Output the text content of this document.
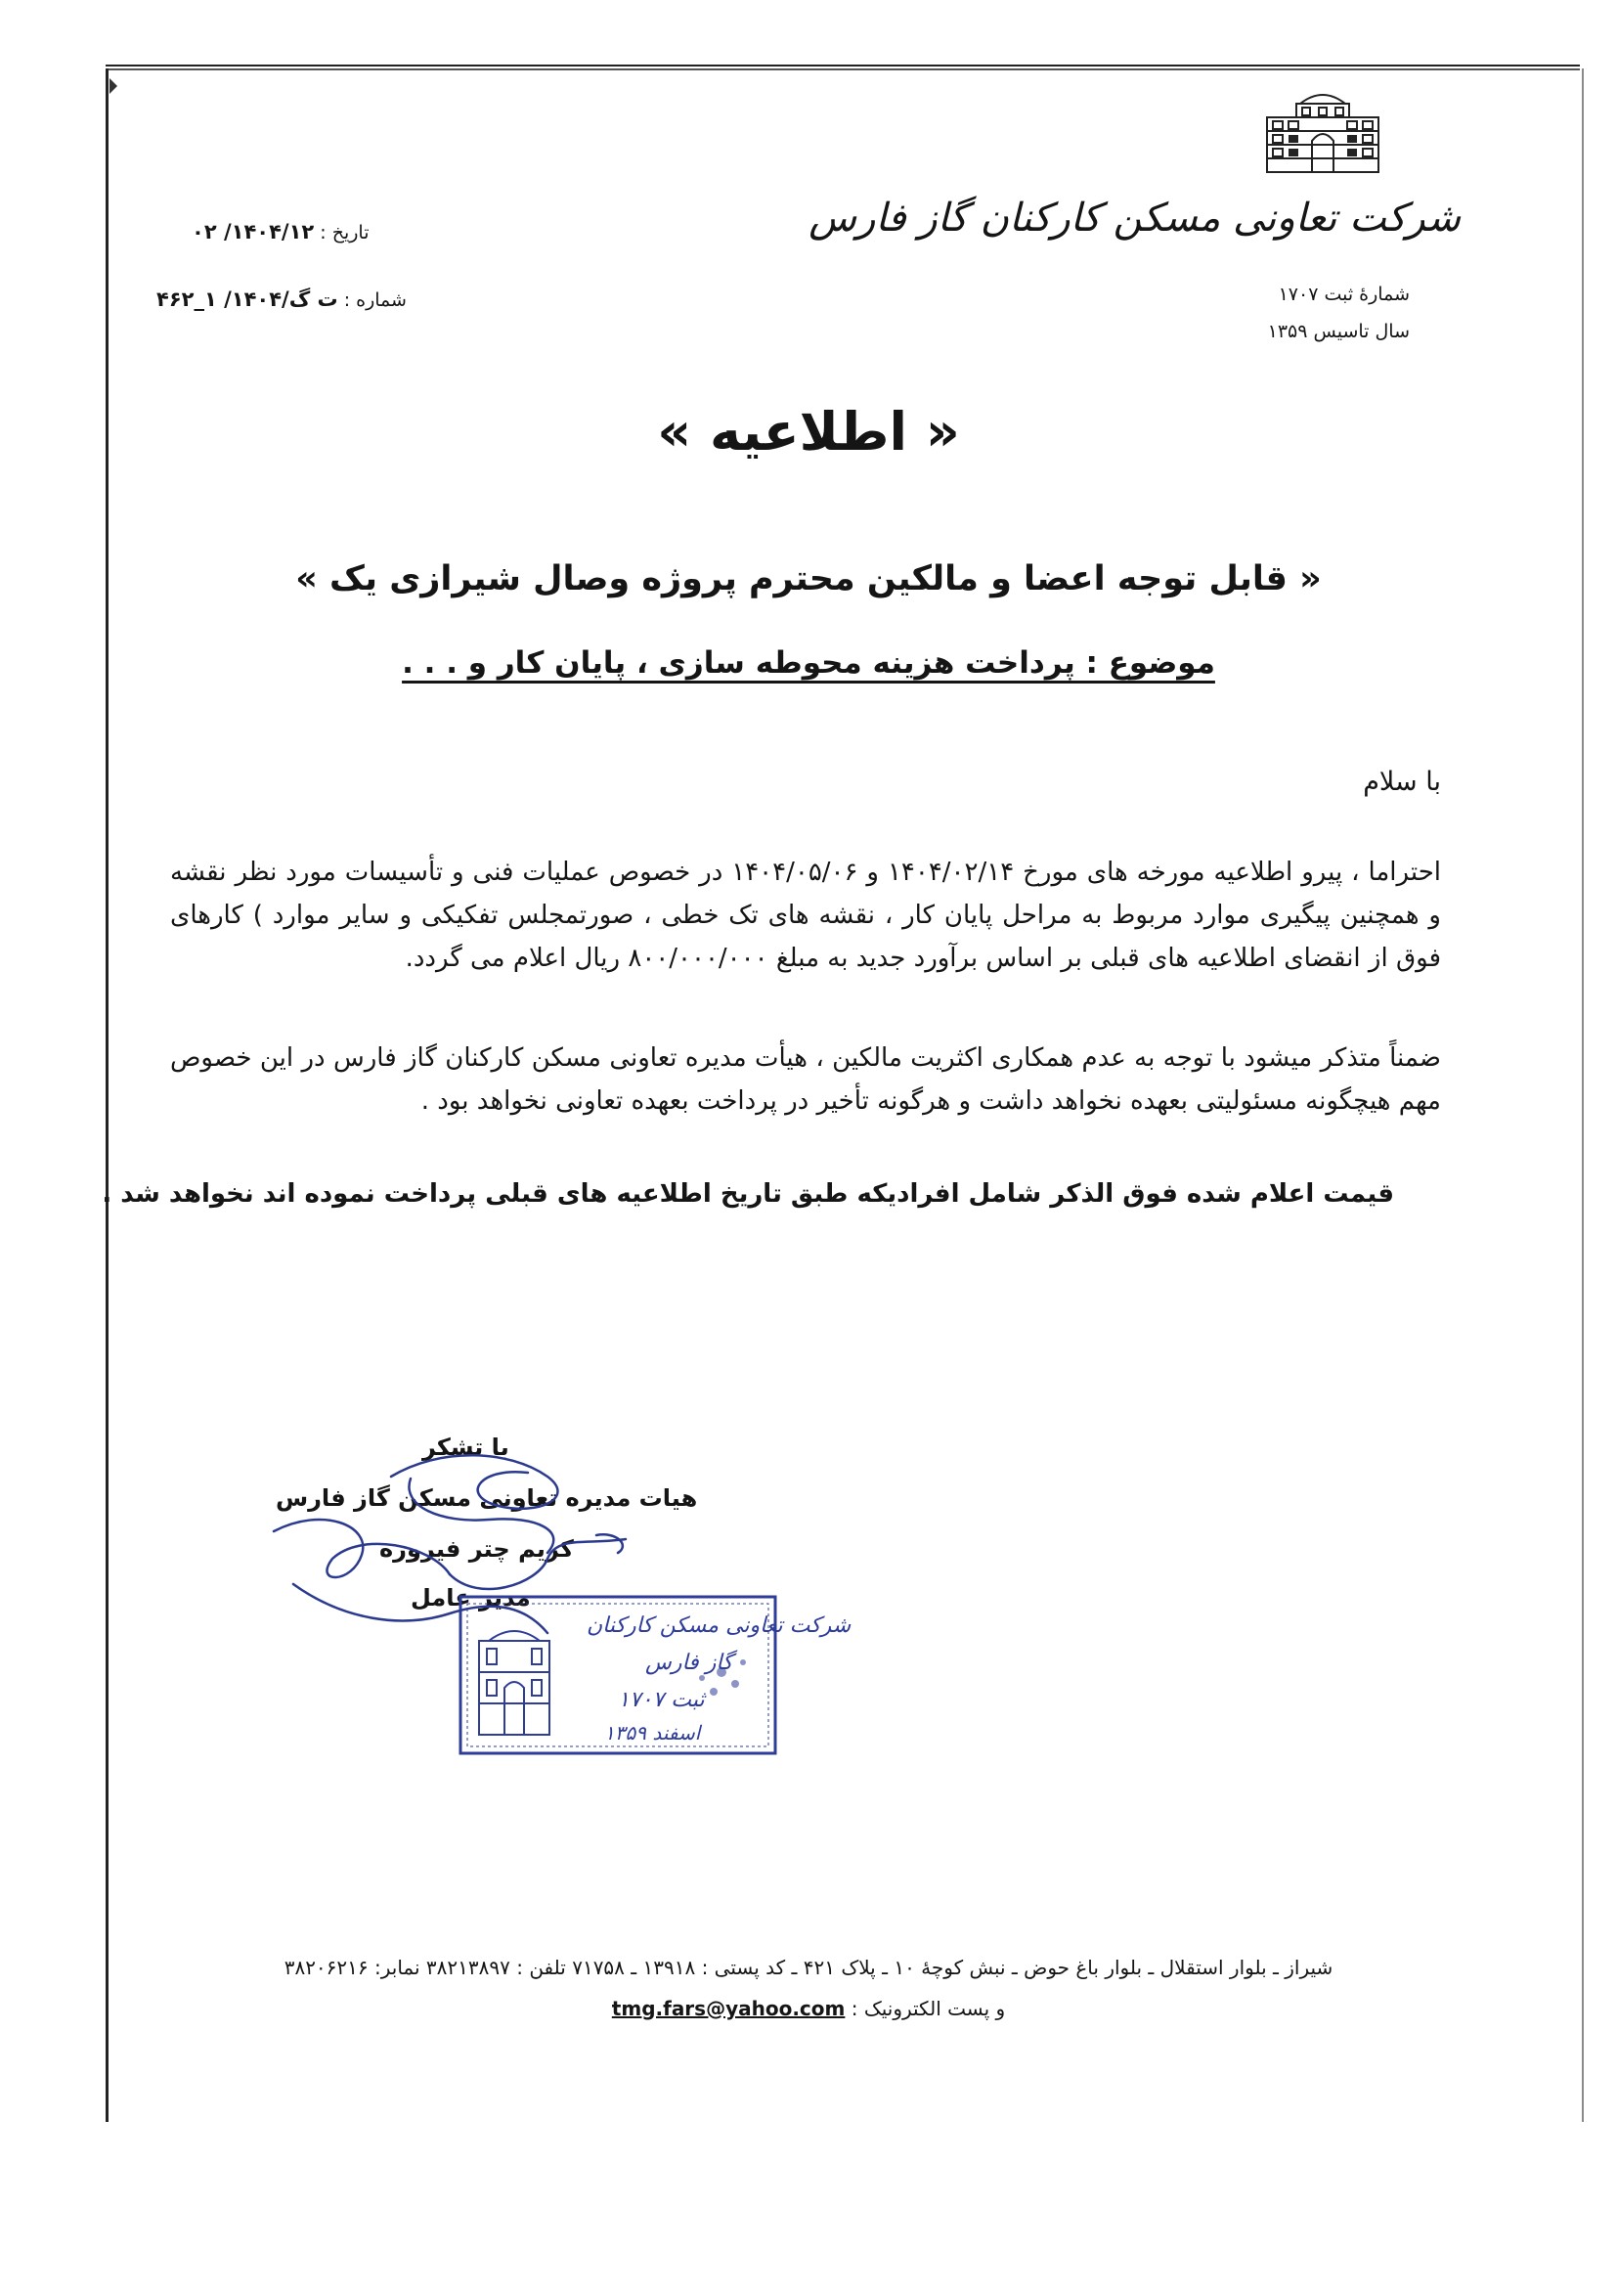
شرکت تعاونی مسکن کارکنان گاز فارس
شمارهٔ ثبت ۱۷۰۷
سال تاسیس ۱۳۵۹
تاریخ : ۱۴۰۴/۱۲/ ۰۲
شماره : ت گ/۱۴۰۴/ ۱_۴۶۲
« اطلاعیه »
« قابل توجه اعضا و مالکین محترم پروژه وصال شیرازی یک »
موضوع : پرداخت هزینه محوطه سازی ، پایان کار و . . .
با سلام
احتراما ، پیرو اطلاعیه مورخه های مورخ ۱۴۰۴/۰۲/۱۴ و ۱۴۰۴/۰۵/۰۶ در خصوص عملیات فنی و تأسیسات مورد نظر نقشه و همچنین پیگیری موارد مربوط به مراحل پایان کار ، نقشه های تک خطی ، صورتمجلس تفکیکی و سایر موارد ) کارهای فوق از انقضای اطلاعیه های قبلی بر اساس برآورد جدید به مبلغ ۸۰۰/۰۰۰/۰۰۰ ریال اعلام می گردد.
ضمناً متذکر میشود با توجه به عدم همکاری اکثریت مالکین ، هیأت مدیره تعاونی مسکن کارکنان گاز فارس در این خصوص مهم هیچگونه مسئولیتی بعهده نخواهد داشت و هرگونه تأخیر در پرداخت بعهده تعاونی نخواهد بود .
قیمت اعلام شده فوق الذکر شامل افرادیکه طبق تاریخ اطلاعیه های قبلی پرداخت نموده اند نخواهد شد .
با تشکر
هیات مدیره تعاونی مسکن گاز فارس
کریم چتر فیروزه
مدیر عامل
شرکت تعاونی مسکن کارکنان
گاز فارس
ثبت ۱۷۰۷
اسفند ۱۳۵۹
شیراز ـ بلوار استقلال ـ بلوار باغ حوض ـ نبش کوچهٔ ۱۰ ـ پلاک ۴۲۱ ـ کد پستی : ۱۳۹۱۸ ـ ۷۱۷۵۸ تلفن : ۳۸۲۱۳۸۹۷ نمابر: ۳۸۲۰۶۲۱۶
و پست الکترونیک : tmg.fars@yahoo.com
